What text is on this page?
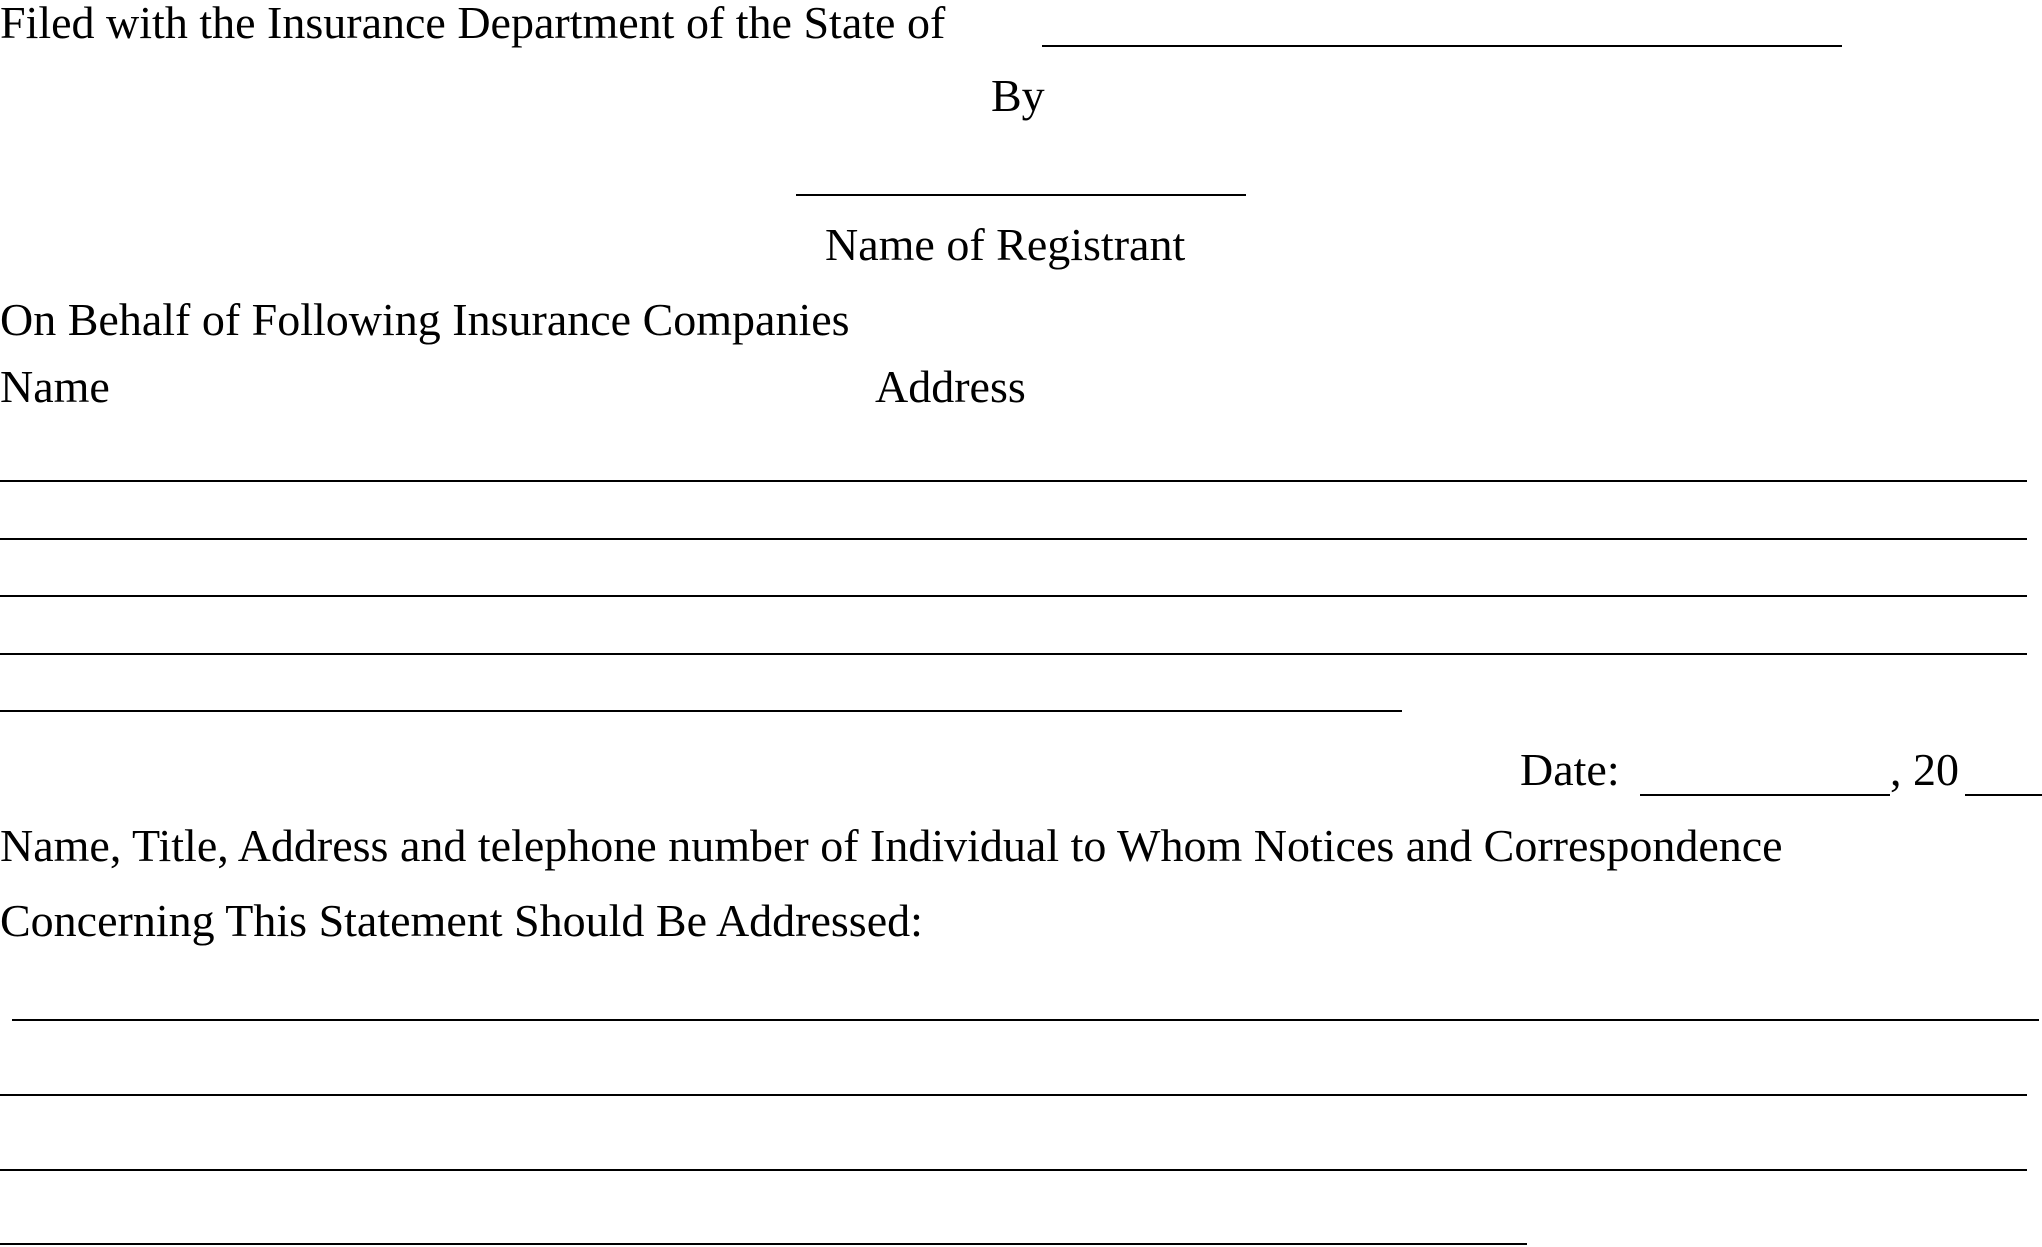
Filed with the Insurance Department of the State of
By
Name of Registrant
On Behalf of Following Insurance Companies
Name	Address
Date:	, 20
Name, Title, Address and telephone number of Individual to Whom Notices and Correspondence
Concerning This Statement Should Be Addressed:
